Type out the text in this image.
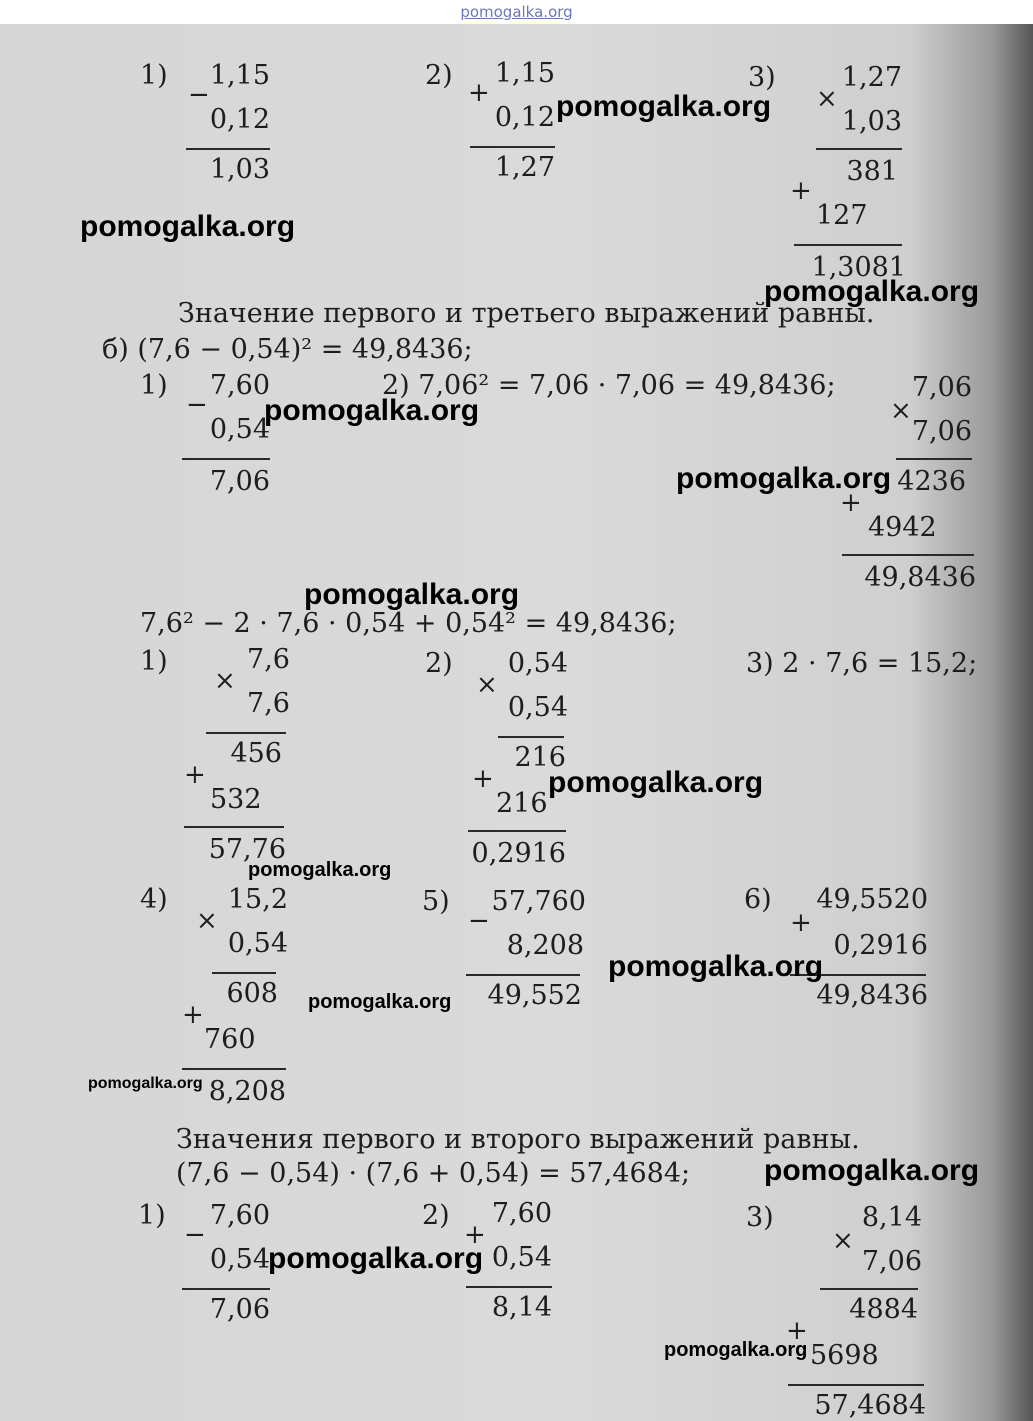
pomogalka.org
1)
−
1,15
0,12
1,03
2)
+
1,15
0,12
1,27
3)
×
1,27
1,03
381
+
127
1,3081
Значение первого и третьего выражений равны.
б) (7,6 − 0,54)² = 49,8436;
1)
−
7,60
0,54
7,06
2) 7,06² = 7,06 · 7,06 = 49,8436;
×
7,06
7,06
4236
+
4942
49,8436
7,6² − 2 · 7,6 · 0,54 + 0,54² = 49,8436;
1)
×
7,6
7,6
456
+
532
57,76
2)
×
0,54
0,54
216
+
216
0,2916
3) 2 · 7,6 = 15,2;
4)
×
15,2
0,54
608
+
760
8,208
5)
−
57,760
8,208
49,552
6)
+
49,5520
0,2916
49,8436
Значения первого и второго выражений равны.
(7,6 − 0,54) · (7,6 + 0,54) = 57,4684;
1)
−
7,60
0,54
7,06
2)
+
7,60
0,54
8,14
3)
×
8,14
7,06
4884
+
5698
57,4684
pomogalka.org
pomogalka.org
pomogalka.org
pomogalka.org
pomogalka.org
pomogalka.org
pomogalka.org
pomogalka.org
pomogalka.org
pomogalka.org
pomogalka.org
pomogalka.org
pomogalka.org
pomogalka.org
